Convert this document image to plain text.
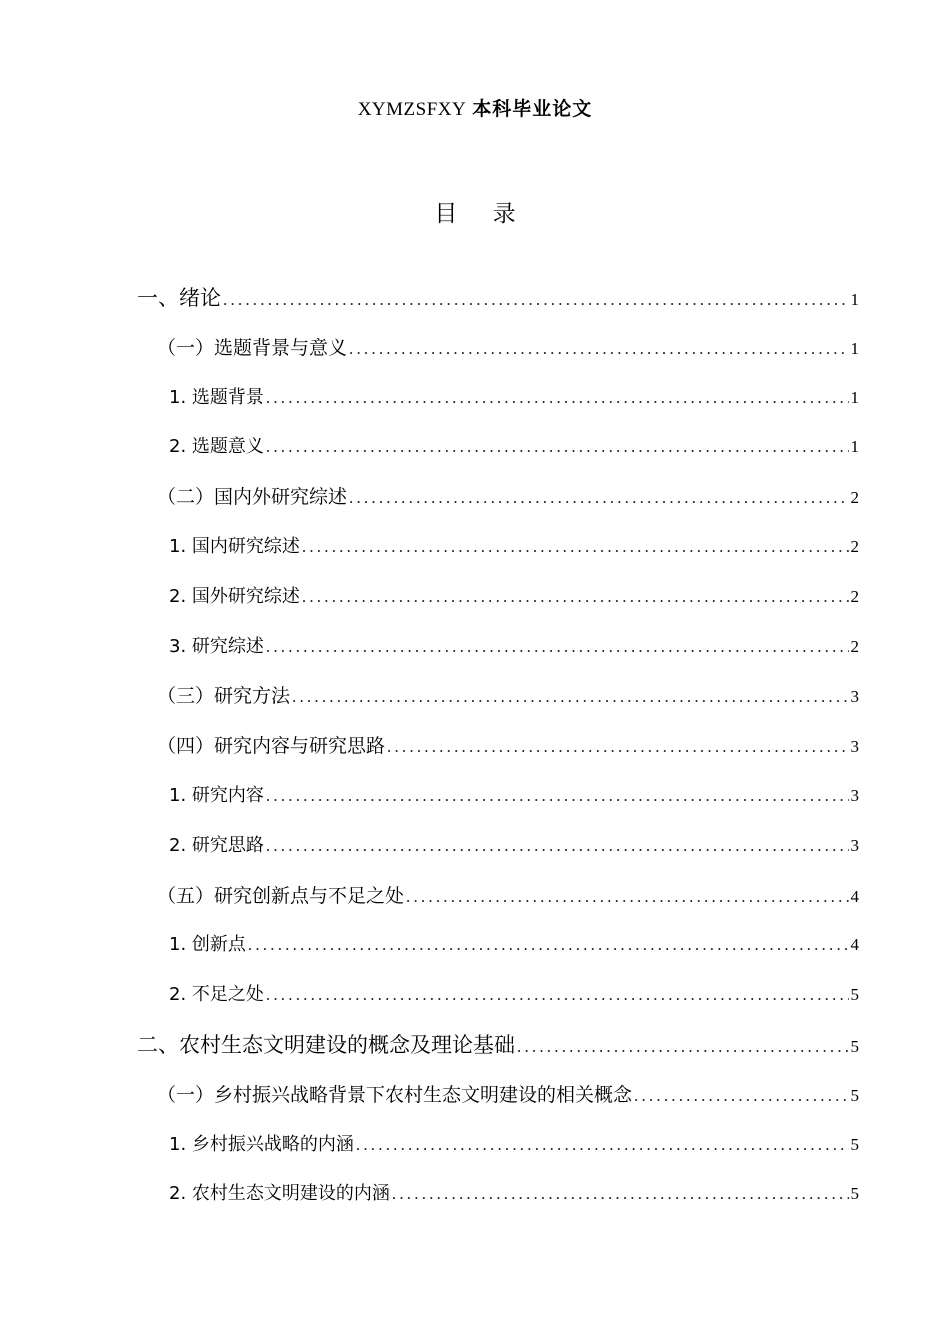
XYMZSFXY 本科毕业论文
目 录
一、绪论 .....	1
（一）选题背景与意义 .....	1
1. 选题背景 .....	1
2. 选题意义 .....	1
（二）国内外研究综述 .....	2
1. 国内研究综述 .....	2
2. 国外研究综述 .....	2
3. 研究综述 .....	2
（三）研究方法 .....	3
（四）研究内容与研究思路 .....	3
1. 研究内容 .....	3
2. 研究思路 .....	3
（五）研究创新点与不足之处 .....	4
1. 创新点 .....	4
2. 不足之处 .....	5
二、农村生态文明建设的概念及理论基础 .....	5
（一）乡村振兴战略背景下农村生态文明建设的相关概念 .....	5
1. 乡村振兴战略的内涵 .....	5
2. 农村生态文明建设的内涵 .....	5
